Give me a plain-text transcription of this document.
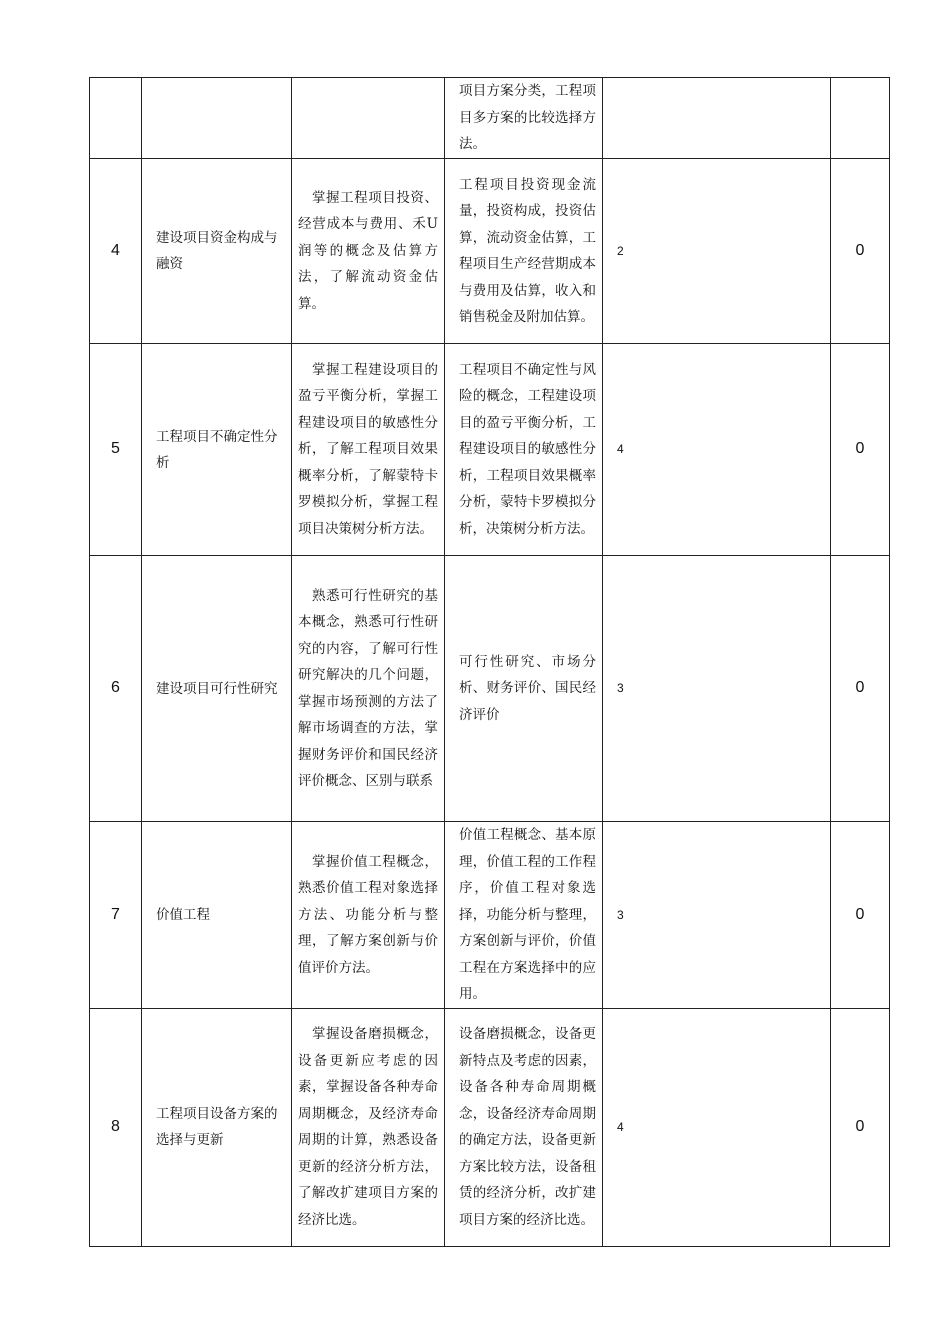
			项目方案分类，工程项目多方案的比较选择方法。		
4	建设项目资金构成与融资	掌握工程项目投资、经营成本与费用、禾U润等的概念及估算方法，了解流动资金估算。	工程项目投资现金流量，投资构成，投资估算，流动资金估算，工程项目生产经营期成本与费用及估算，收入和销售税金及附加估算。	2	0
5	工程项目不确定性分析	掌握工程建设项目的盈亏平衡分析，掌握工程建设项目的敏感性分析，了解工程项目效果概率分析，了解蒙特卡罗模拟分析，掌握工程项目决策树分析方法。	工程项目不确定性与风险的概念，工程建设项目的盈亏平衡分析，工程建设项目的敏感性分析，工程项目效果概率分析，蒙特卡罗模拟分析，决策树分析方法。	4	0
6	建设项目可行性研究	熟悉可行性研究的基本概念，熟悉可行性研究的内容，了解可行性研究解决的几个问题，掌握市场预测的方法了解市场调查的方法，掌握财务评价和国民经济评价概念、区别与联系	可行性研究、市场分析、财务评价、国民经济评价	3	0
7	价值工程	掌握价值工程概念，熟悉价值工程对象选择方法、功能分析与整理，了解方案创新与价值评价方法。	价值工程概念、基本原理，价值工程的工作程序，价值工程对象选择，功能分析与整理，方案创新与评价，价值工程在方案选择中的应用。	3	0
8	工程项目设备方案的选择与更新	掌握设备磨损概念，设备更新应考虑的因素，掌握设备各种寿命周期概念，及经济寿命周期的计算，熟悉设备更新的经济分析方法，了解改扩建项目方案的经济比选。	设备磨损概念，设备更新特点及考虑的因素，设备各种寿命周期概念，设备经济寿命周期的确定方法，设备更新方案比较方法，设备租赁的经济分析，改扩建项目方案的经济比选。	4	0
